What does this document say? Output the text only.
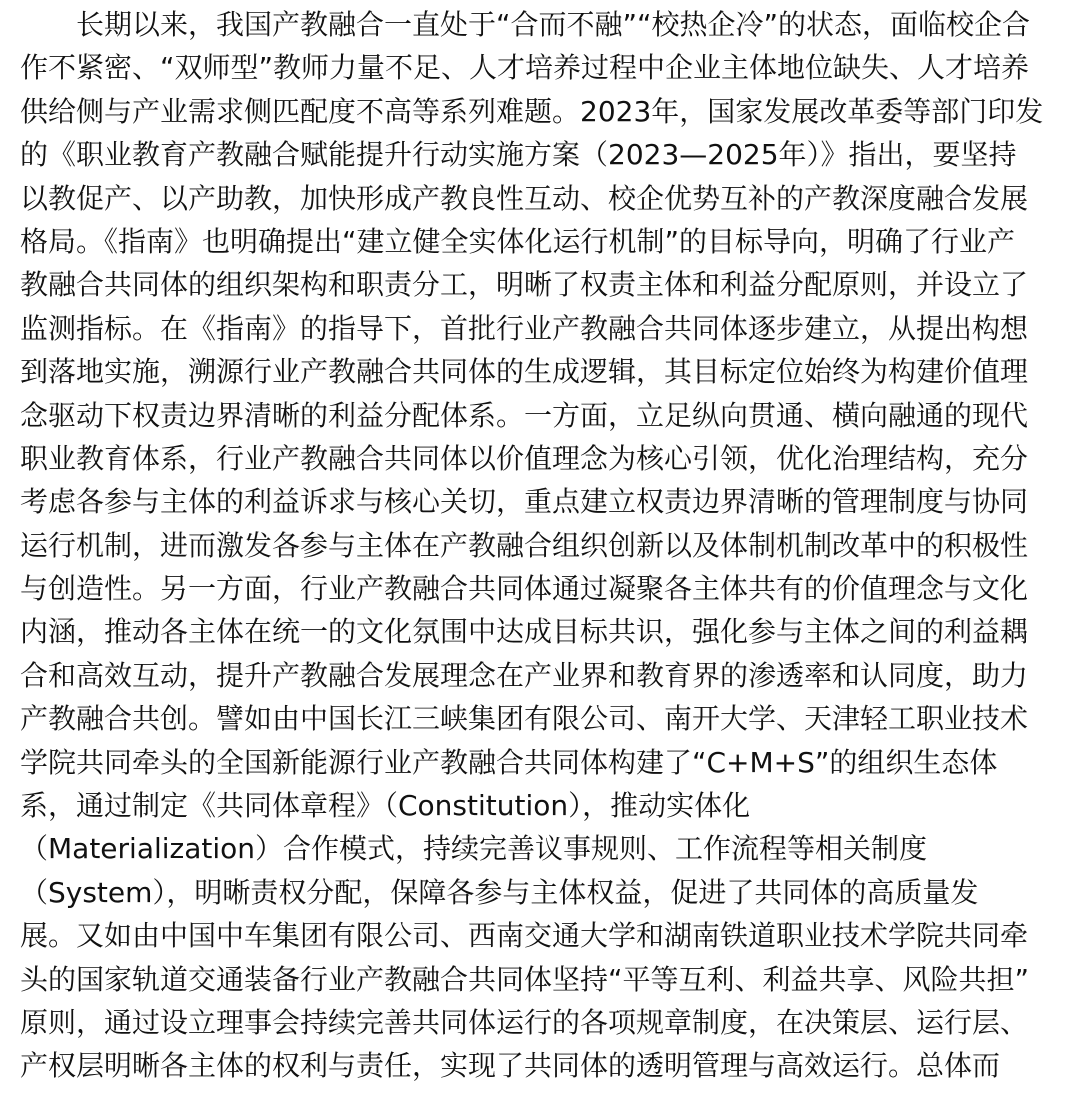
　　长期以来，我国产教融合一直处于“合而不融”“校热企冷”的状态，面临校企合
作不紧密、“双师型”教师力量不足、人才培养过程中企业主体地位缺失、人才培养
供给侧与产业需求侧匹配度不高等系列难题。2023年，国家发展改革委等部门印发
的《职业教育产教融合赋能提升行动实施方案（2023—2025年）》指出，要坚持
以教促产、以产助教，加快形成产教良性互动、校企优势互补的产教深度融合发展
格局。《指南》也明确提出“建立健全实体化运行机制”的目标导向，明确了行业产
教融合共同体的组织架构和职责分工，明晰了权责主体和利益分配原则，并设立了
监测指标。在《指南》的指导下，首批行业产教融合共同体逐步建立，从提出构想
到落地实施，溯源行业产教融合共同体的生成逻辑，其目标定位始终为构建价值理
念驱动下权责边界清晰的利益分配体系。一方面，立足纵向贯通、横向融通的现代
职业教育体系，行业产教融合共同体以价值理念为核心引领，优化治理结构，充分
考虑各参与主体的利益诉求与核心关切，重点建立权责边界清晰的管理制度与协同
运行机制，进而激发各参与主体在产教融合组织创新以及体制机制改革中的积极性
与创造性。另一方面，行业产教融合共同体通过凝聚各主体共有的价值理念与文化
内涵，推动各主体在统一的文化氛围中达成目标共识，强化参与主体之间的利益耦
合和高效互动，提升产教融合发展理念在产业界和教育界的渗透率和认同度，助力
产教融合共创。譬如由中国长江三峡集团有限公司、南开大学、天津轻工职业技术
学院共同牵头的全国新能源行业产教融合共同体构建了“C+M+S”的组织生态体
系，通过制定《共同体章程》（Constitution），推动实体化
（Materialization）合作模式，持续完善议事规则、工作流程等相关制度
（System），明晰责权分配，保障各参与主体权益，促进了共同体的高质量发
展。又如由中国中车集团有限公司、西南交通大学和湖南铁道职业技术学院共同牵
头的国家轨道交通装备行业产教融合共同体坚持“平等互利、利益共享、风险共担”
原则，通过设立理事会持续完善共同体运行的各项规章制度，在决策层、运行层、
产权层明晰各主体的权利与责任，实现了共同体的透明管理与高效运行。总体而
